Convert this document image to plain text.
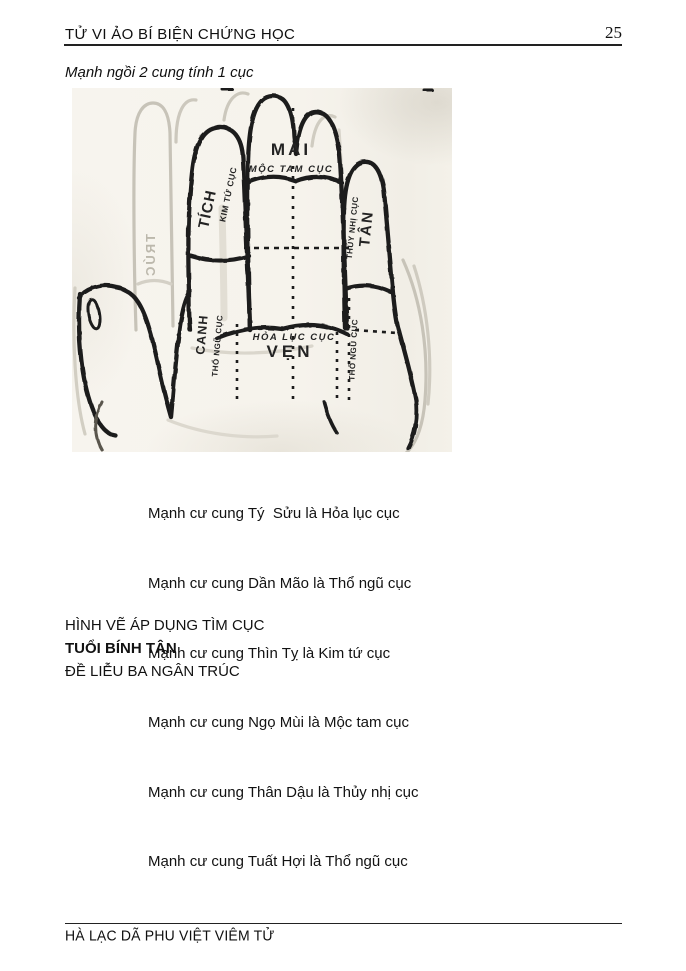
TỬ VI ẢO BÍ BIỆN CHỨNG HỌC	25
Mạnh ngồi 2 cung tính 1 cục
TRÚC
TÍCH
KIM TỨ CỤC
MAI
MỘC TAM CỤC
TÂN
THỦY NHỊ CỤC
CANH THỔ NGŨ CỤC	HỎA LỤC CỤC
VẸN	THỔ NGŨ CỤC

Mạnh cư cung Tý  Sửu là Hỏa lục cục

Mạnh cư cung Dần Mão là Thổ ngũ cục

Mạnh cư cung Thìn Tỵ là Kim tứ cục

Mạnh cư cung Ngọ Mùi là Mộc tam cục

Mạnh cư cung Thân Dậu là Thủy nhị cục

Mạnh cư cung Tuất Hợi là Thổ ngũ cục

HÌNH VẼ ÁP DỤNG TÌM CỤC
TUỔI BÍNH TÂN
ĐỀ LIỄU BA NGÂN TRÚC
HÀ LẠC DÃ PHU VIỆT VIÊM TỬ
